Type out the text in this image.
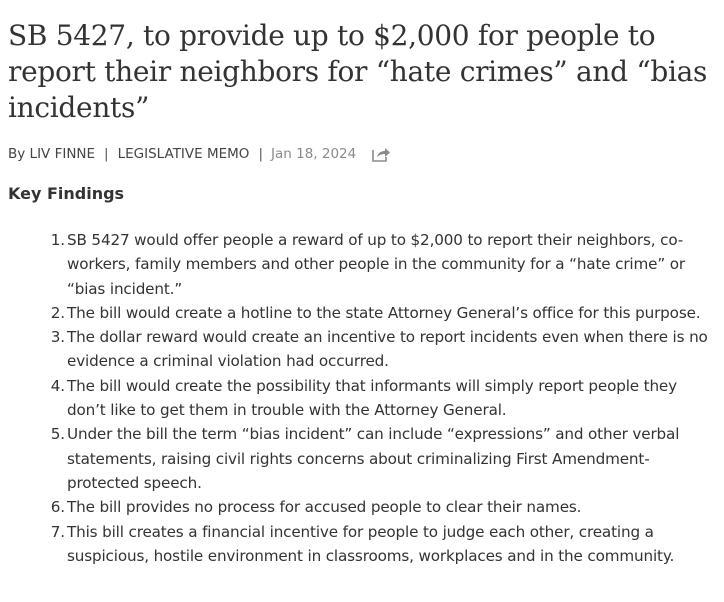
SB 5427, to provide up to $2,000 for people to report their neighbors for “hate crimes” and “bias incidents”
By LIV FINNE | LEGISLATIVE MEMO | Jan 18, 2024
Key Findings
1. SB 5427 would offer people a reward of up to $2,000 to report their neighbors, co-workers, family members and other people in the community for a “hate crime” or “bias incident.”
2. The bill would create a hotline to the state Attorney General’s office for this purpose.
3. The dollar reward would create an incentive to report incidents even when there is no evidence a criminal violation had occurred.
4. The bill would create the possibility that informants will simply report people they don’t like to get them in trouble with the Attorney General.
5. Under the bill the term “bias incident” can include “expressions” and other verbal statements, raising civil rights concerns about criminalizing First Amendment-protected speech.
6. The bill provides no process for accused people to clear their names.
7. This bill creates a financial incentive for people to judge each other, creating a suspicious, hostile environment in classrooms, workplaces and in the community.
